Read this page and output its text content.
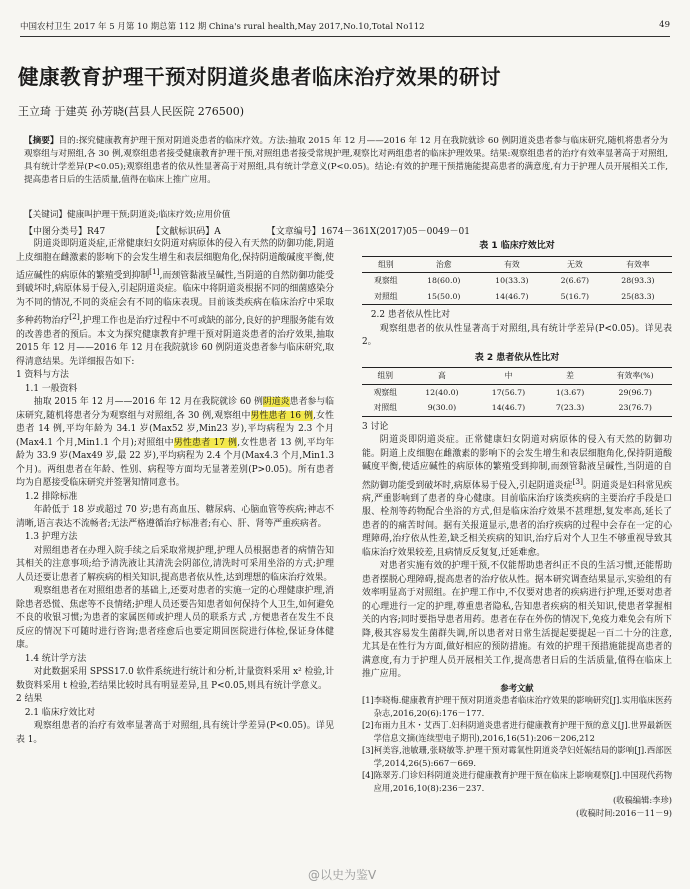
中国农村卫生 2017 年 5 月第 10 期总第 112 期 China's rural health,May 2017,No.10,Total No112	49
健康教育护理干预对阴道炎患者临床治疗效果的研讨
王立琦 于建英 孙芳晓(莒县人民医院 276500)
【摘要】目的:探究健康教育护理干预对阴道炎患者的临床疗效。方法:抽取 2015 年 12 月——2016 年 12 月在我院就诊 60 例阴道炎患者参与临床研究,随机将患者分为观察组与对照组,各 30 例,观察组患者接受健康教育护理干预,对照组患者接受常规护理,观察比对两组患者的临床护理效果。结果:观察组患者的治疗有效率显著高于对照组,具有统计学差异(P<0.05);观察组患者的依从性显著高于对照组,具有统计学意义(P<0.05)。结论:有效的护理干预措施能提高患者的满意度,有力于护理人员开展相关工作,提高患者日后的生活质量,值得在临床上推广应用。
【关键词】健康叫护理干预;阴道炎;临床疗效;应用价值
【中图分类号】R47	【文献标识码】A	【文章编号】1674－361X(2017)05－0049－01

阴道炎即阴道炎症,正常健康妇女阴道对病原体的侵入有天然的防御功能,阴道上皮细胞在雌激素的影响下的会发生增生和表层细胞角化,保持阴道酸碱度平衡,使适应碱性的病原体的繁殖受到抑制[1],而颈管黏液呈碱性,当阴道的自然防御功能受到破坏时,病原体易于侵入,引起阴道炎症。临床中将阴道炎根据不同的细菌感染分为不同的情况,不同的炎症会有不同的临床表现。目前该类疾病在临床治疗中采取多种药物治疗[2],护理工作也是治疗过程中不可或缺的部分,良好的护理服务能有效的改善患者的预后。本文为探究健康教育护理干预对阴道炎患者的治疗效果,抽取 2015 年 12 月——2016 年 12 月在我院就诊 60 例阴道炎患者参与临床研究,取得清意结果。先详细报告如下:

1 资料与方法

1.1 一般资料

抽取 2015 年 12 月——2016 年 12 月在我院就诊 60 例阴道炎患者参与临床研究,随机将患者分为观察组与对照组,各 30 例,观察组中男性患者 16 例,女性患者 14 例,平均年龄为 34.1 岁(Max52 岁,Min23 岁),平均病程为 2.3 个月(Max4.1 个月,Min1.1 个月);对照组中男性患者 17 例,女性患者 13 例,平均年龄为 33.9 岁(Max49 岁,最 22 岁),平均病程为 2.4 个月(Max4.3 个月,Min1.3 个月)。两组患者在年龄、性别、病程等方面均无显著差别(P>0.05)。所有患者均为自愿接受临床研究并签署知情同意书。

1.2 排除标准

年龄低于 18 岁或超过 70 岁;患有高血压、糖尿病、心脑血管等疾病;神志不清晰,语言表达不流畅者;无法严格遵循治疗标准者;有心、肝、肾等严重疾病者。

1.3 护理方法

对照组患者在办理入院手续之后采取常规护理,护理人员根据患者的病情告知其相关的注意事项;给予清洗液让其清洗会阴部位,清洗时可采用坐浴的方式;护理人员还要让患者了解疾病的相关知识,提高患者依从性,达到理想的临床治疗效果。

观察组患者在对照组患者的基础上,还要对患者的实施一定的心理健康护理,消除患者恐慌、焦虑等不良情绪;护理人员还要告知患者如何保持个人卫生,如何避免不良的收银习惯;为患者的家属医师或护理人员的联系方式 ,方便患者在发生不良反应的情况下可随时进行咨询;患者痊愈后也要定期回医院进行体检,保证身体健康。

1.4 统计学方法

对此数据采用 SPSS17.0 软件系统进行统计和分析,计量资料采用 x² 检验,计数资料采用 t 检验,若结果比较时具有明显差异,且 P<0.05,则具有统计学意义。

2 结果

2.1 临床疗效比对

观察组患者的治疗有效率显著高于对照组,具有统计学差异(P<0.05)。详见表 1。

表 1 临床疗效比对
组别	治愈	有效	无效	有效率
观察组	18(60.0)	10(33.3)	2(6.67)	28(93.3)
对照组	15(50.0)	14(46.7)	5(16.7)	25(83.3)

2.2 患者依从性比对

观察组患者的依从性显著高于对照组,具有统计学差异(P<0.05)。详见表 2。

表 2 患者依从性比对
组别	高	中	差	有效率(%)
观察组	12(40.0)	17(56.7)	1(3.67)	29(96.7)
对照组	9(30.0)	14(46.7)	7(23.3)	23(76.7)

3 讨论

阴道炎即阴道炎症。正常健康妇女阴道对病原体的侵入有天然的防御功能。阴道上皮细胞在雌激素的影响下的会发生增生和表层细胞角化,保持阴道酸碱度平衡,使适应碱性的病原体的繁殖受到抑制,而颈管黏液呈碱性,当阴道的自然防御功能受到破坏时,病原体易于侵入,引起阴道炎症[3]。阴道炎是妇科常见疾病,严重影响到了患者的身心健康。目前临床治疗该类疾病的主要治疗手段是口服、栓剂等药物配合坐浴的方式,但是临床治疗效果不甚理想,复发率高,延长了患者的的痛苦时间。据有关报道显示,患者的治疗疾病的过程中会存在一定的心理障碍,治疗依从性差,缺乏相关疾病的知识,治疗后对个人卫生不够重视导致其临床治疗效果较差,且病情反反复复,迁延难愈。

对患者实施有效的护理干预,不仅能帮助患者纠正不良的生活习惯,还能帮助患者摆脱心理障碍,提高患者的治疗依从性。据本研究调查结果显示,实验组的有效率明显高于对照组。在护理工作中,不仅要对患者的疾病进行护理,还要对患者的心理进行一定的护理,尊重患者隐私,告知患者疾病的相关知识,使患者掌握相关的内容;同时要指导患者用药。患者在存在外伤的情况下,免疫力难免会有所下降,极其容易发生菌群失调,所以患者对日常生活提起要提起一百二十分的注意,尤其是在性行为方面,做好相应的预防措施。有效的护理干预措施能提高患者的满意度,有力于护理人员开展相关工作,提高患者日后的生活质量,值得在临床上推广应用。

参考文献
[1]李晓梅.健康教育护理干预对阴道炎患者临床治疗效果的影响研究[J].实用临床医药杂志,2016,20(6):176－177.
[2]布雨力且木・艾西丁.妇科阴道炎患者进行健康教育护理干预的意义[J].世界最新医学信息文摘(连续型电子期刊),2016,16(51):206－206,212
[3]柯美容,池敏珊,张晓敏等.护理干预对霉氧性阴道炎孕妇妊娠结局的影响[J].西部医学,2014,26(5):667－669.
[4]陈翠芳.门诊妇科阴道炎进行健康教育护理干预在临床上影响观察[J].中国现代药物应用,2016,10(8):236－237.
(收稿编辑:李珍)
(收稿时间:2016－11－9)
@以史为鉴V
